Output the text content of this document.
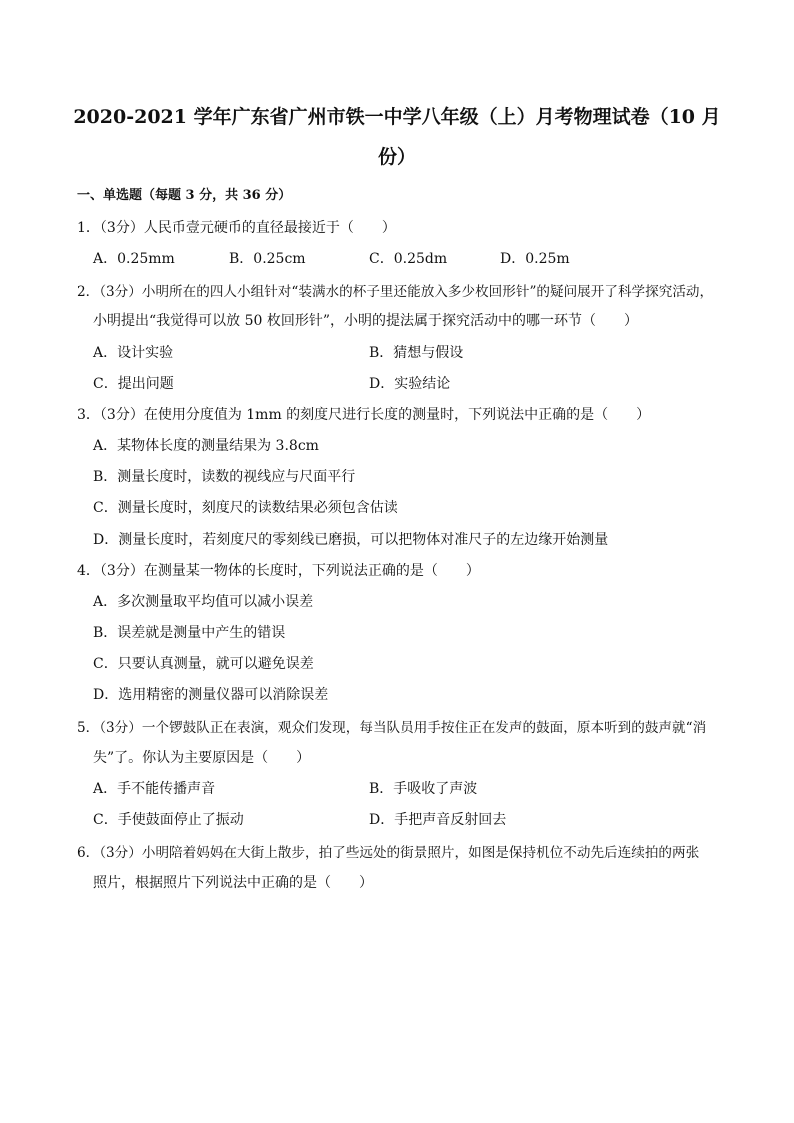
2020-2021 学年广东省广州市铁一中学八年级（上）月考物理试卷（10 月
份）
一、单选题（每题 3 分，共 36 分）
1．（3分）人民币壹元硬币的直径最接近于（　　）
A．0.25mm	B．0.25cm	C．0.25dm	D．0.25m
2．（3分）小明所在的四人小组针对“装满水的杯子里还能放入多少枚回形针”的疑问展开了科学探究活动，
小明提出“我觉得可以放 50 枚回形针”，小明的提法属于探究活动中的哪一环节（　　）
A．设计实验	B．猜想与假设
C．提出问题	D．实验结论
3．（3分）在使用分度值为 1mm 的刻度尺进行长度的测量时，下列说法中正确的是（　　）
A．某物体长度的测量结果为 3.8cm
B．测量长度时，读数的视线应与尺面平行
C．测量长度时，刻度尺的读数结果必须包含估读
D．测量长度时，若刻度尺的零刻线已磨损，可以把物体对准尺子的左边缘开始测量
4．（3分）在测量某一物体的长度时，下列说法正确的是（　　）
A．多次测量取平均值可以减小误差
B．误差就是测量中产生的错误
C．只要认真测量，就可以避免误差
D．选用精密的测量仪器可以消除误差
5．（3分）一个锣鼓队正在表演，观众们发现，每当队员用手按住正在发声的鼓面，原本听到的鼓声就“消
失”了。你认为主要原因是（　　）
A．手不能传播声音	B．手吸收了声波
C．手使鼓面停止了振动	D．手把声音反射回去
6．（3分）小明陪着妈妈在大街上散步，拍了些远处的街景照片，如图是保持机位不动先后连续拍的两张
照片，根据照片下列说法中正确的是（　　）
